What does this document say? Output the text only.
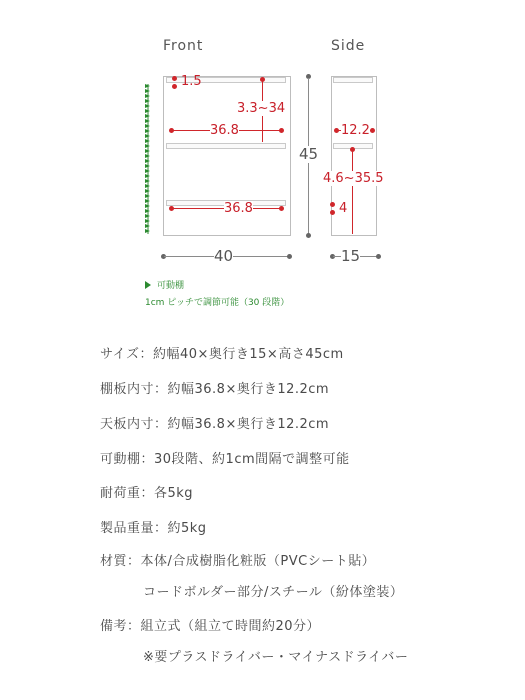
Front	Side
1.5
3.3~34
36.8
36.8
45
40
12.2
4.6~35.5
4
15
可動棚
1cm ピッチで調節可能（30 段階）
サイズ：約幅40×奥行き15×高さ45cm
棚板内寸：約幅36.8×奥行き12.2cm
天板内寸：約幅36.8×奥行き12.2cm
可動棚：30段階、約1cm間隔で調整可能
耐荷重：各5kg
製品重量：約5kg
材質：本体/合成樹脂化粧版（PVCシート貼）
コードボルダー部分/スチール（紛体塗装）
備考：組立式（組立て時間約20分）
※要プラスドライバー・マイナスドライバー
